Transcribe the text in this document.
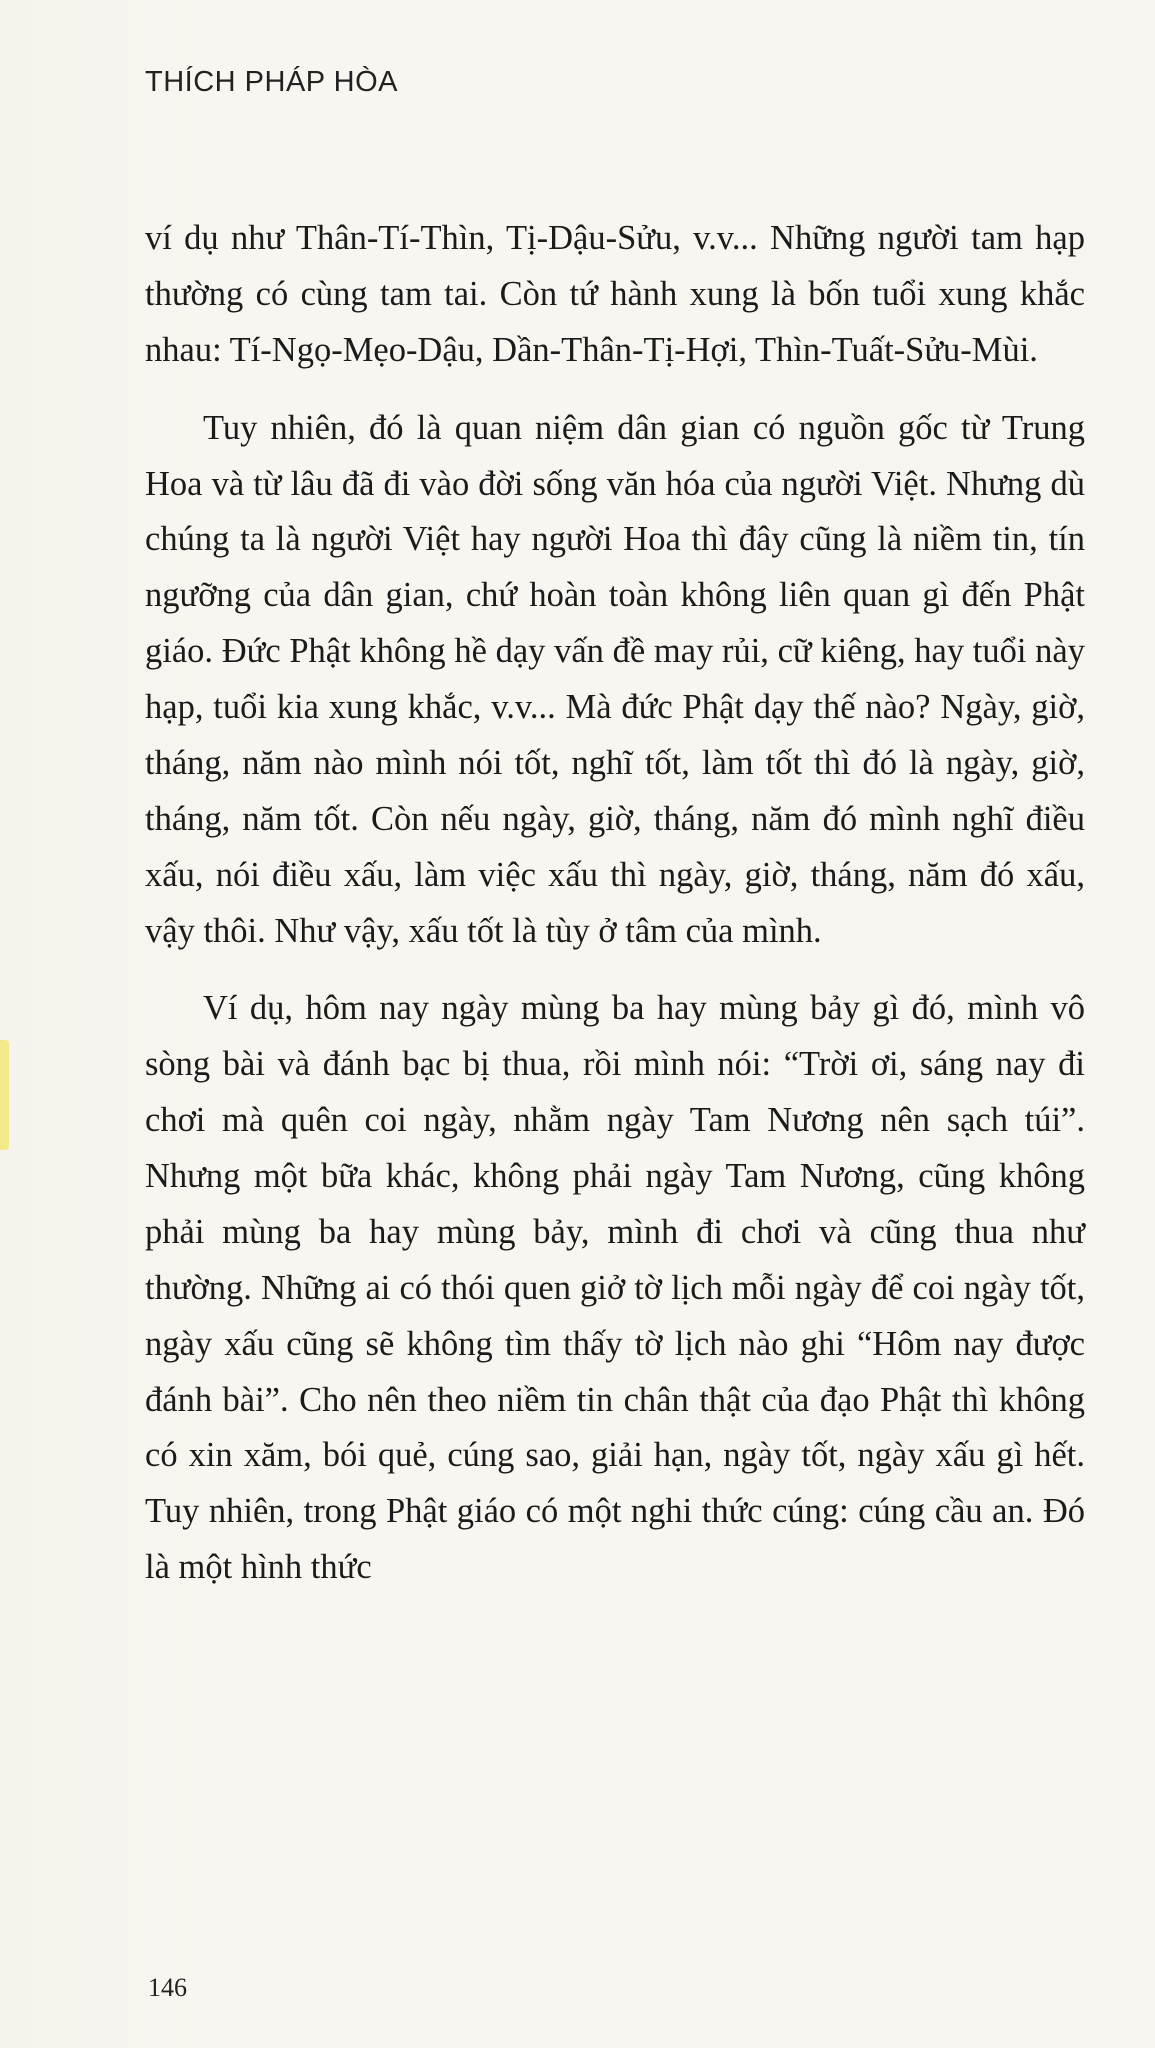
THÍCH PHÁP HÒA

ví dụ như Thân-Tí-Thìn, Tị-Dậu-Sửu, v.v... Những người tam hạp thường có cùng tam tai. Còn tứ hành xung là bốn tuổi xung khắc nhau: Tí-Ngọ-Mẹo-Dậu, Dần-Thân-Tị-Hợi, Thìn-Tuất-Sửu-Mùi.

Tuy nhiên, đó là quan niệm dân gian có nguồn gốc từ Trung Hoa và từ lâu đã đi vào đời sống văn hóa của người Việt. Nhưng dù chúng ta là người Việt hay người Hoa thì đây cũng là niềm tin, tín ngưỡng của dân gian, chứ hoàn toàn không liên quan gì đến Phật giáo. Đức Phật không hề dạy vấn đề may rủi, cữ kiêng, hay tuổi này hạp, tuổi kia xung khắc, v.v... Mà đức Phật dạy thế nào? Ngày, giờ, tháng, năm nào mình nói tốt, nghĩ tốt, làm tốt thì đó là ngày, giờ, tháng, năm tốt. Còn nếu ngày, giờ, tháng, năm đó mình nghĩ điều xấu, nói điều xấu, làm việc xấu thì ngày, giờ, tháng, năm đó xấu, vậy thôi. Như vậy, xấu tốt là tùy ở tâm của mình.

Ví dụ, hôm nay ngày mùng ba hay mùng bảy gì đó, mình vô sòng bài và đánh bạc bị thua, rồi mình nói: “Trời ơi, sáng nay đi chơi mà quên coi ngày, nhằm ngày Tam Nương nên sạch túi”. Nhưng một bữa khác, không phải ngày Tam Nương, cũng không phải mùng ba hay mùng bảy, mình đi chơi và cũng thua như thường. Những ai có thói quen giở tờ lịch mỗi ngày để coi ngày tốt, ngày xấu cũng sẽ không tìm thấy tờ lịch nào ghi “Hôm nay được đánh bài”. Cho nên theo niềm tin chân thật của đạo Phật thì không có xin xăm, bói quẻ, cúng sao, giải hạn, ngày tốt, ngày xấu gì hết. Tuy nhiên, trong Phật giáo có một nghi thức cúng: cúng cầu an. Đó là một hình thức

146
